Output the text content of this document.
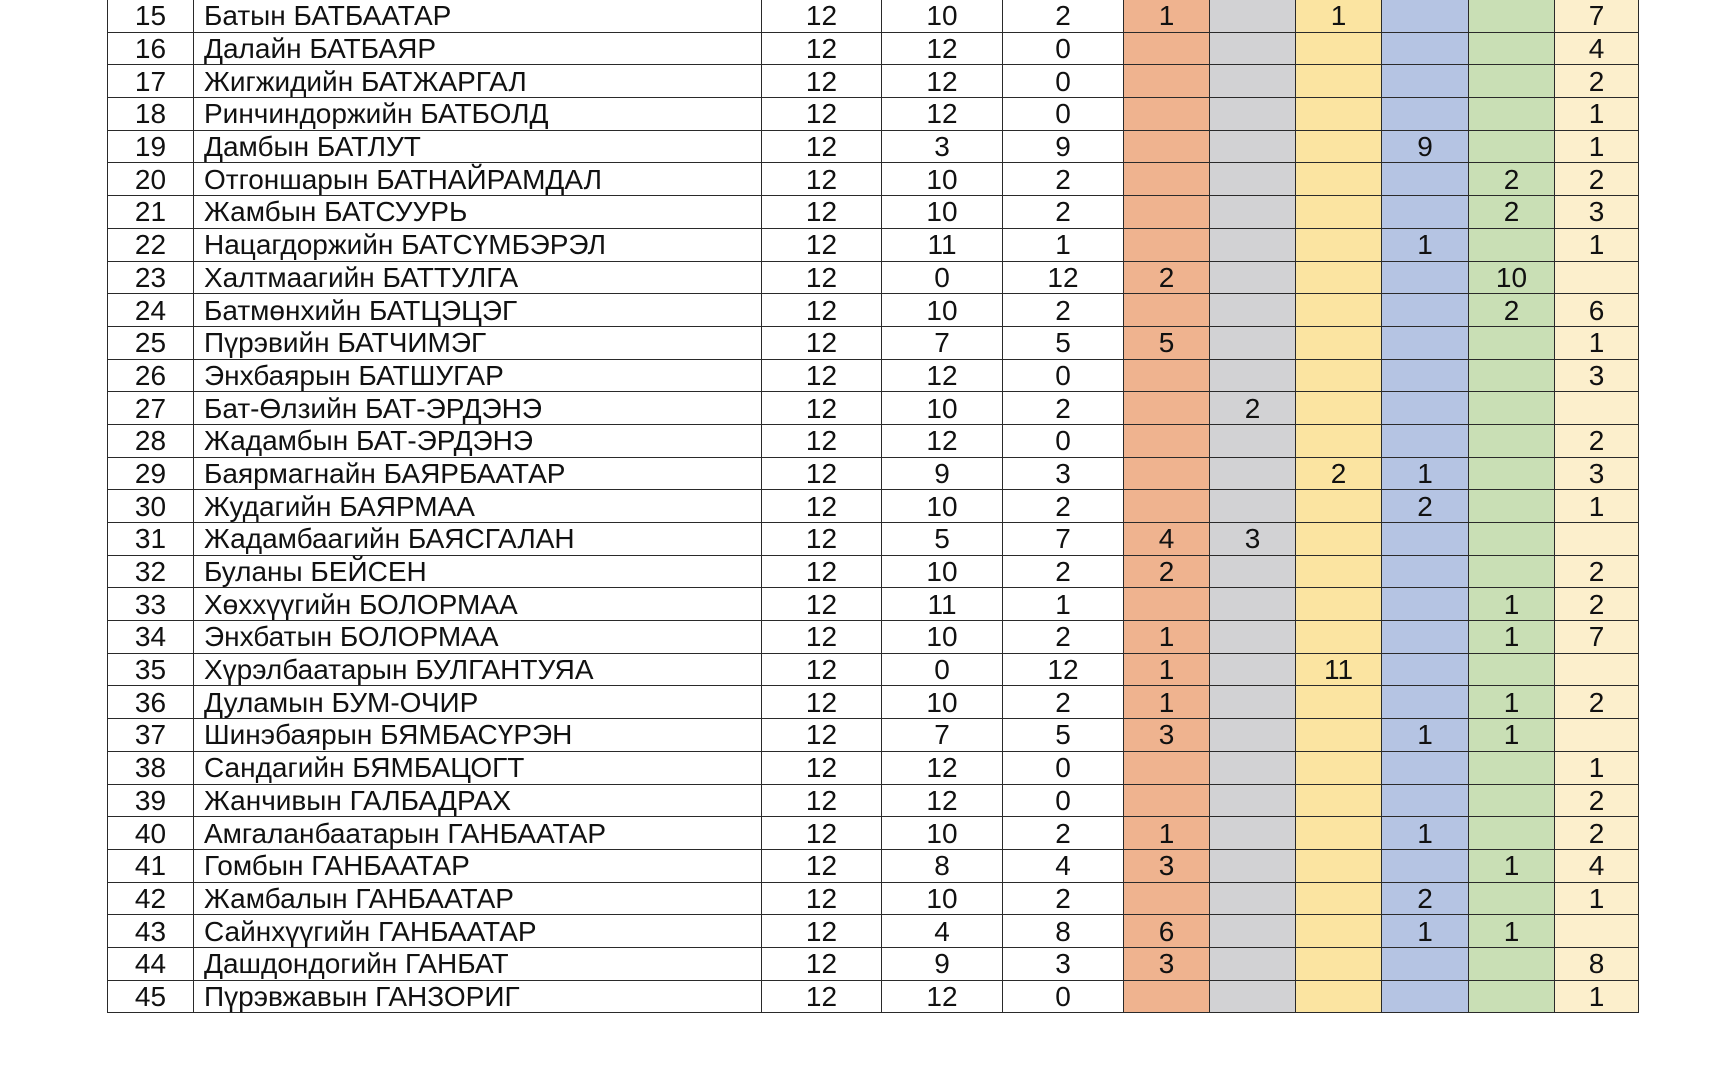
15	Батын БАТБААТАР	12	10	2	1		1			7
16	Далайн БАТБАЯР	12	12	0						4
17	Жигжидийн БАТЖАРГАЛ	12	12	0						2
18	Ринчиндоржийн БАТБОЛД	12	12	0						1
19	Дамбын БАТЛУТ	12	3	9				9		1
20	Отгоншарын БАТНАЙРАМДАЛ	12	10	2					2	2
21	Жамбын БАТСУУРЬ	12	10	2					2	3
22	Нацагдоржийн БАТСҮМБЭРЭЛ	12	11	1				1		1
23	Халтмаагийн БАТТУЛГА	12	0	12	2				10	
24	Батмөнхийн БАТЦЭЦЭГ	12	10	2					2	6
25	Пүрэвийн БАТЧИМЭГ	12	7	5	5					1
26	Энхбаярын БАТШУГАР	12	12	0						3
27	Бат-Өлзийн БАТ-ЭРДЭНЭ	12	10	2		2				
28	Жадамбын БАТ-ЭРДЭНЭ	12	12	0						2
29	Баярмагнайн БАЯРБААТАР	12	9	3			2	1		3
30	Жудагийн БАЯРМАА	12	10	2				2		1
31	Жадамбаагийн БАЯСГАЛАН	12	5	7	4	3				
32	Буланы БЕЙСЕН	12	10	2	2					2
33	Хөххүүгийн БОЛОРМАА	12	11	1					1	2
34	Энхбатын БОЛОРМАА	12	10	2	1				1	7
35	Хүрэлбаатарын БУЛГАНТУЯА	12	0	12	1		11			
36	Дуламын БУМ-ОЧИР	12	10	2	1				1	2
37	Шинэбаярын БЯМБАСҮРЭН	12	7	5	3			1	1	
38	Сандагийн БЯМБАЦОГТ	12	12	0						1
39	Жанчивын ГАЛБАДРАХ	12	12	0						2
40	Амгаланбаатарын ГАНБААТАР	12	10	2	1			1		2
41	Гомбын ГАНБААТАР	12	8	4	3				1	4
42	Жамбалын ГАНБААТАР	12	10	2				2		1
43	Сайнхүүгийн ГАНБААТАР	12	4	8	6			1	1	
44	Дашдондогийн ГАНБАТ	12	9	3	3					8
45	Пүрэвжавын ГАНЗОРИГ	12	12	0						1
МОНГОЛ УЛСЫН ИХ ХУРАЛ
